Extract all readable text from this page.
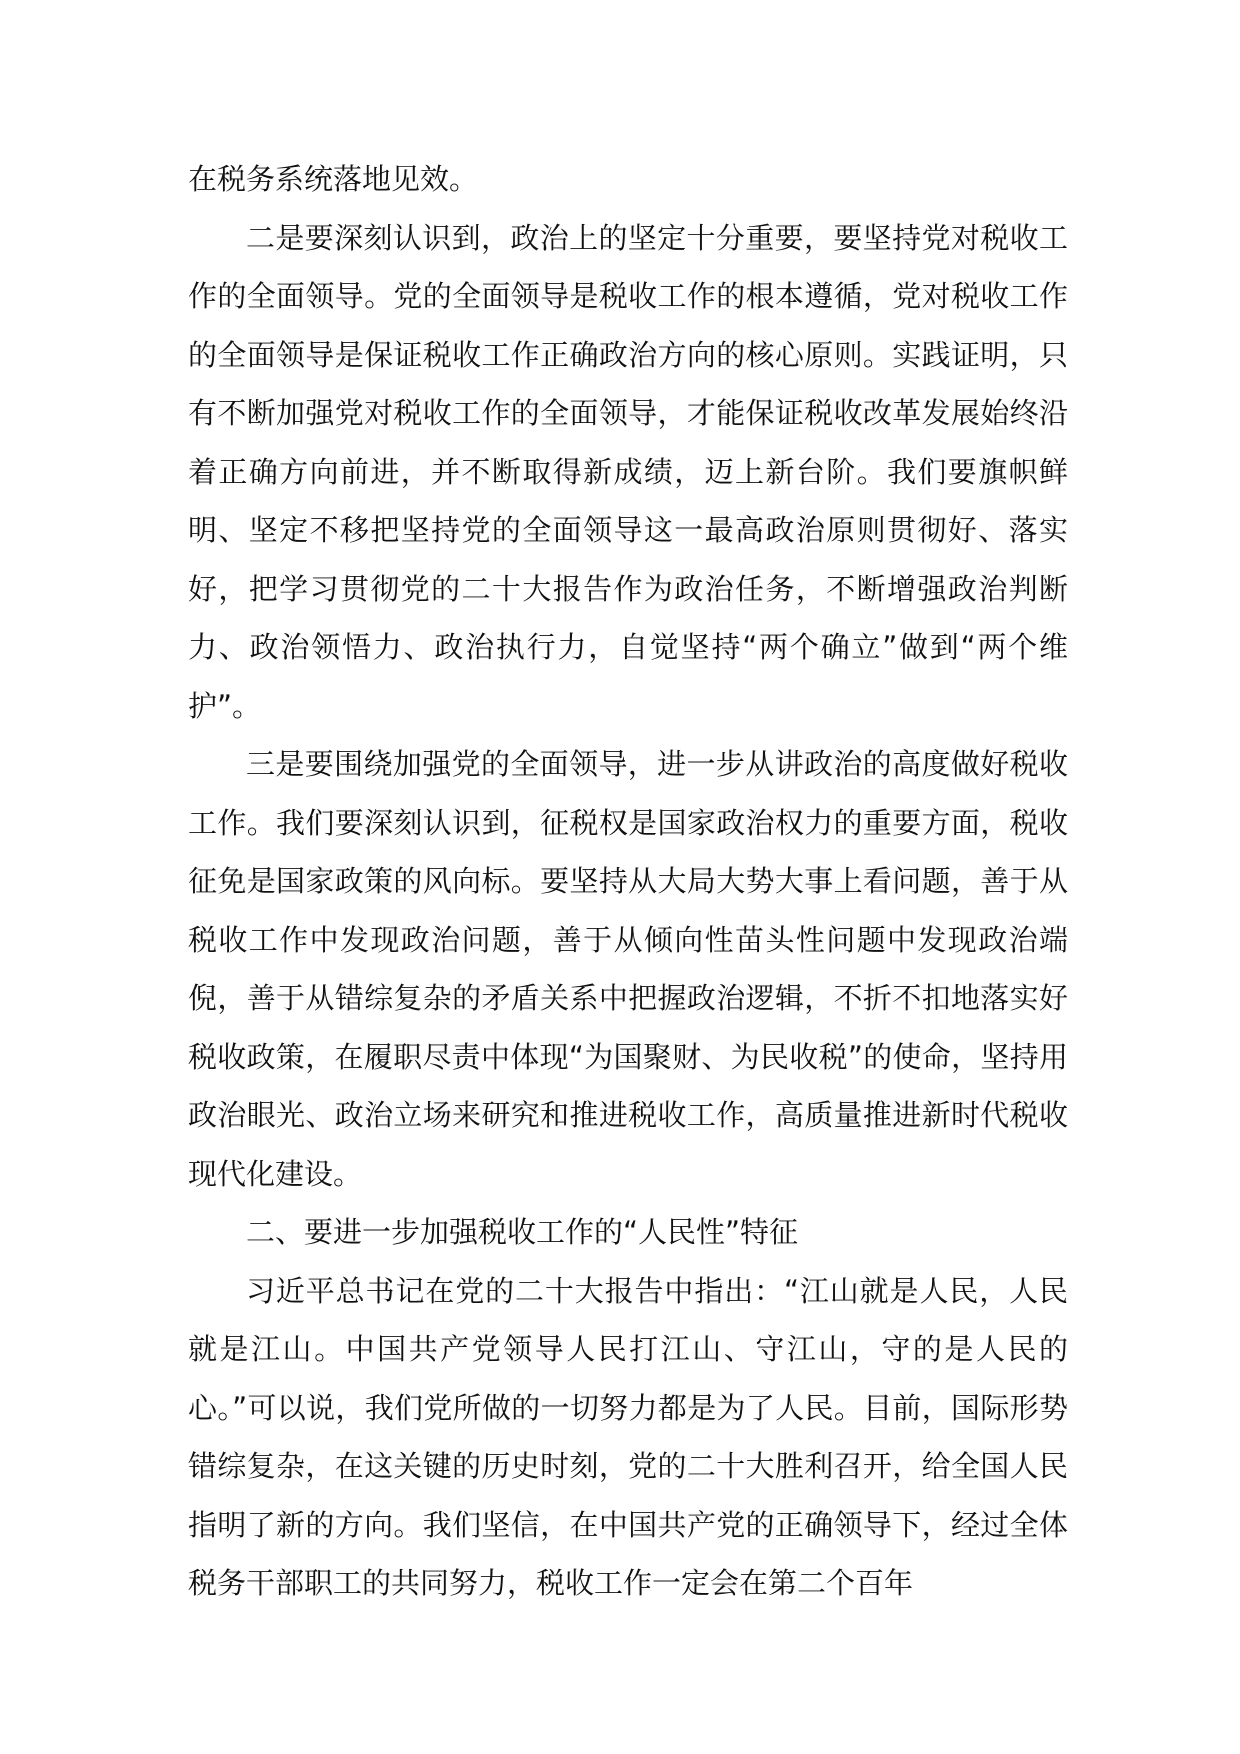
在税务系统落地见效。

二是要深刻认识到，政治上的坚定十分重要，要坚持党对税收工作的全面领导。党的全面领导是税收工作的根本遵循，党对税收工作的全面领导是保证税收工作正确政治方向的核心原则。实践证明，只有不断加强党对税收工作的全面领导，才能保证税收改革发展始终沿着正确方向前进，并不断取得新成绩，迈上新台阶。我们要旗帜鲜明、坚定不移把坚持党的全面领导这一最高政治原则贯彻好、落实好，把学习贯彻党的二十大报告作为政治任务，不断增强政治判断力、政治领悟力、政治执行力，自觉坚持“两个确立”做到“两个维护”。

三是要围绕加强党的全面领导，进一步从讲政治的高度做好税收工作。我们要深刻认识到，征税权是国家政治权力的重要方面，税收征免是国家政策的风向标。要坚持从大局大势大事上看问题，善于从税收工作中发现政治问题，善于从倾向性苗头性问题中发现政治端倪，善于从错综复杂的矛盾关系中把握政治逻辑，不折不扣地落实好税收政策，在履职尽责中体现“为国聚财、为民收税”的使命，坚持用政治眼光、政治立场来研究和推进税收工作，高质量推进新时代税收现代化建设。

二、要进一步加强税收工作的“人民性”特征

习近平总书记在党的二十大报告中指出：“江山就是人民，人民就是江山。中国共产党领导人民打江山、守江山，守的是人民的心。”可以说，我们党所做的一切努力都是为了人民。目前，国际形势错综复杂，在这关键的历史时刻，党的二十大胜利召开，给全国人民指明了新的方向。我们坚信，在中国共产党的正确领导下，经过全体税务干部职工的共同努力，税收工作一定会在第二个百年
